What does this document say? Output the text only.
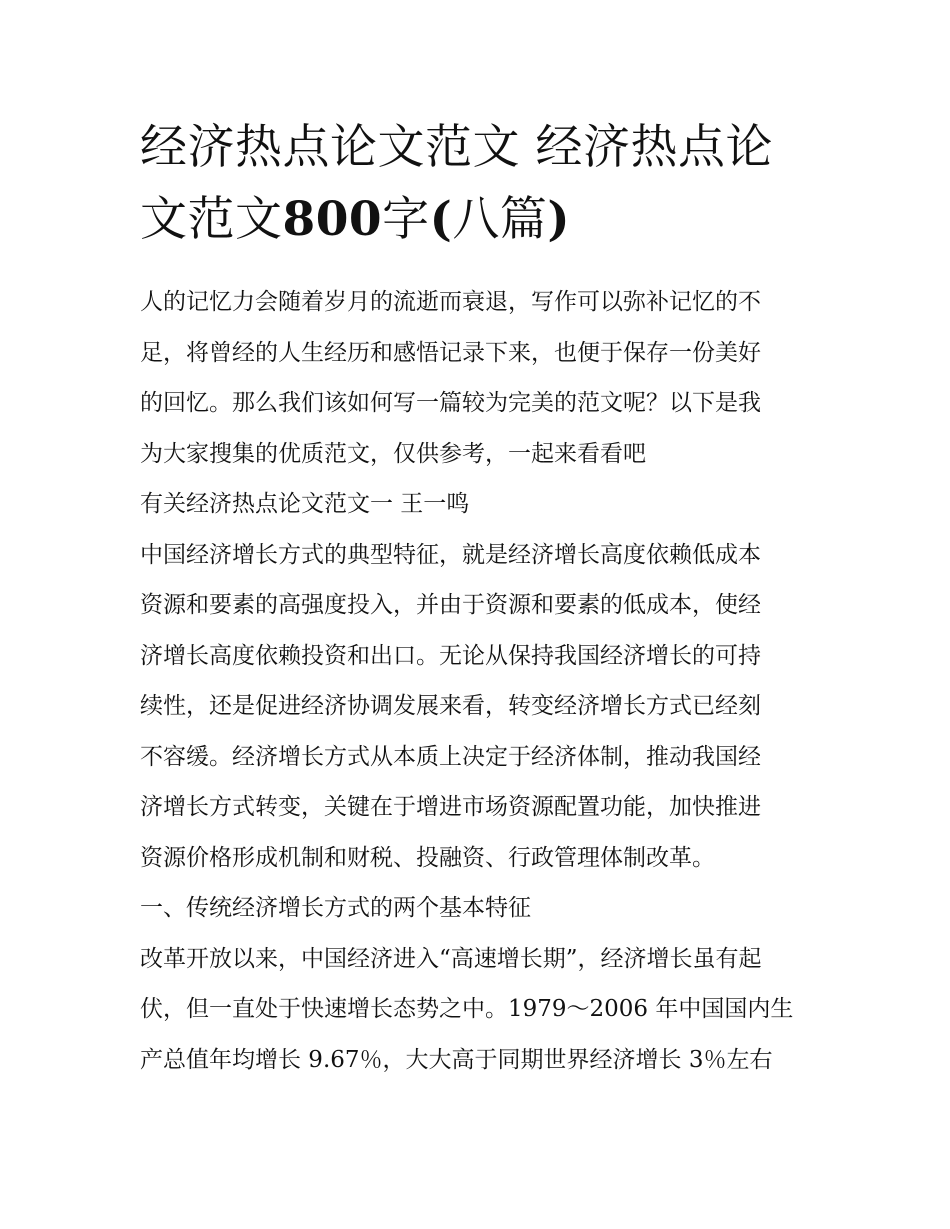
经济热点论文范文 经济热点论
文范文800字(八篇)
人的记忆力会随着岁月的流逝而衰退，写作可以弥补记忆的不
足，将曾经的人生经历和感悟记录下来，也便于保存一份美好
的回忆。那么我们该如何写一篇较为完美的范文呢？以下是我
为大家搜集的优质范文，仅供参考，一起来看看吧
有关经济热点论文范文一 王一鸣
中国经济增长方式的典型特征，就是经济增长高度依赖低成本
资源和要素的高强度投入，并由于资源和要素的低成本，使经
济增长高度依赖投资和出口。无论从保持我国经济增长的可持
续性，还是促进经济协调发展来看，转变经济增长方式已经刻
不容缓。经济增长方式从本质上决定于经济体制，推动我国经
济增长方式转变，关键在于增进市场资源配置功能，加快推进
资源价格形成机制和财税、投融资、行政管理体制改革。
一、传统经济增长方式的两个基本特征
改革开放以来，中国经济进入“高速增长期”，经济增长虽有起
伏，但一直处于快速增长态势之中。1979～2006 年中国国内生
产总值年均增长 9.67％，大大高于同期世界经济增长 3％左右
